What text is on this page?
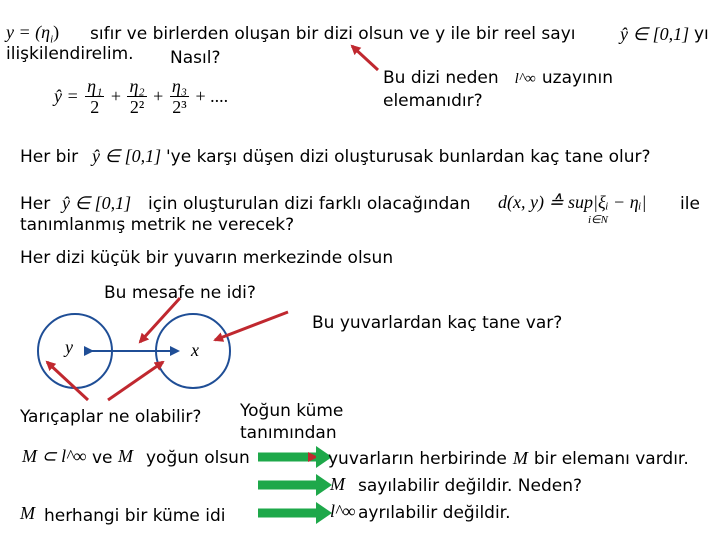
$y = (\eta_i)$ sıfır ve birlerden oluşan bir dizi olsun ve y ile bir reel sayı ŷ ∈ [0,1] yı
ilişkilendirelim. Nasıl?
ŷ = $\frac{\text{η₁}}{2} + \frac{\text{η₂}}{\text{2²}} + \frac{\text{η₃}}{\text{2³}}$ + ....
Bu dizi neden l^∞ uzayının
elemanıdır?
Her bir ŷ ∈ [0,1] 'ye karşı düşen dizi oluşturusak bunlardan kaç tane olur?
Her ŷ ∈ [0,1] için oluşturulan dizi farklı olacağından d(x, y) ≙ sup|ξᵢ − ηᵢ|
i∈N
ile
tanımlanmış metrik ne verecek?
Her dizi küçük bir yuvarın merkezinde olsun
Bu mesafe ne idi?
Bu yuvarlardan kaç tane var?
y	x
Yarıçaplar ne olabilir? Yoğun küme
tanımından
M ⊂ l^∞ ve M yoğun olsun
M herhangi bir küme idi
yuvarların herbirinde M bir elemanı vardır.
M sayılabilir değildir. Neden?
l^∞ ayrılabilir değildir.
